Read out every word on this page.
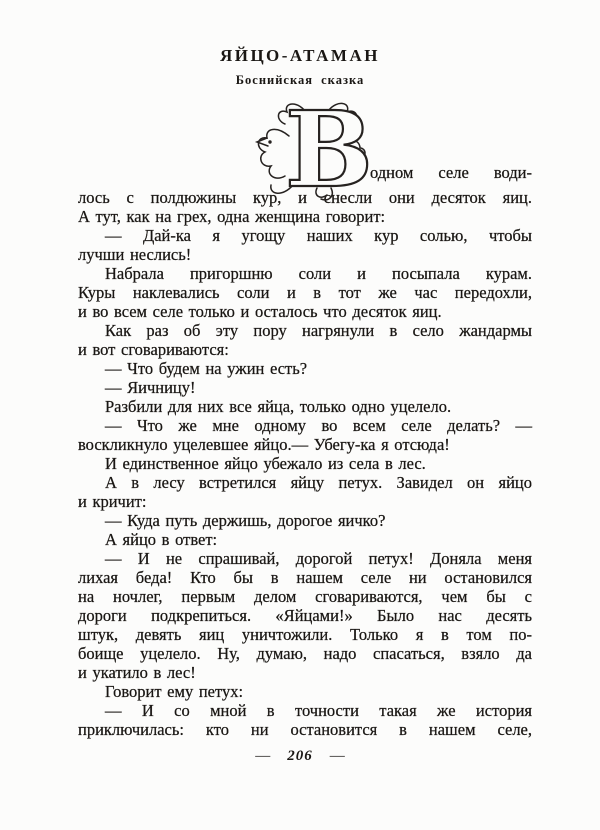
ЯЙЦО-АТАМАН
Боснийская сказка
В
одном селе води-
лось с полдюжины кур, и снесли они десяток яиц.
А тут, как на грех, одна женщина говорит:
— Дай-ка я угощу наших кур солью, чтобы
лучши неслись!
Набрала пригоршню соли и посыпала курам.
Куры наклевались соли и в тот же час передохли,
и во всем селе только и осталось что десяток яиц.
Как раз об эту пору нагрянули в село жандармы
и вот сговариваются:
— Что будем на ужин есть?
— Яичницу!
Разбили для них все яйца, только одно уцелело.
— Что же мне одному во всем селе делать? —
воскликнуло уцелевшее яйцо.— Убегу-ка я отсюда!
И единственное яйцо убежало из села в лес.
А в лесу встретился яйцу петух. Завидел он яйцо
и кричит:
— Куда путь держишь, дорогое яичко?
А яйцо в ответ:
— И не спрашивай, дорогой петух! Доняла меня
лихая беда! Кто бы в нашем селе ни остановился
на ночлег, первым делом сговариваются, чем бы с
дороги подкрепиться. «Яйцами!» Было нас десять
штук, девять яиц уничтожили. Только я в том по-
боище уцелело. Ну, думаю, надо спасаться, взяло да
и укатило в лес!
Говорит ему петух:
— И со мной в точности такая же история
приключилась: кто ни остановится в нашем селе,
— 206 —
